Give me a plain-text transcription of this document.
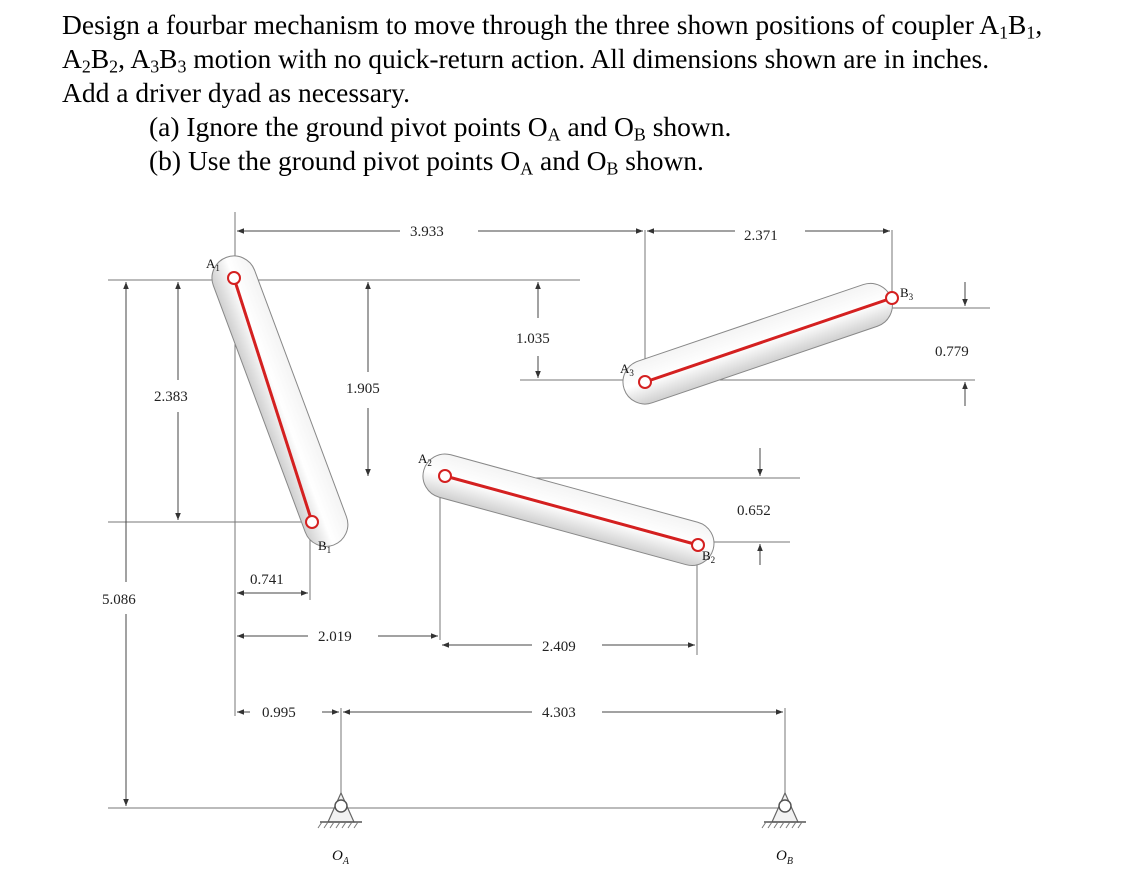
Design a fourbar mechanism to move through the three shown positions of coupler $A_1B_1$,

$A_2B_2$, $A_3B_3$ motion with no quick-return action. All dimensions shown are in inches.

Add a driver dyad as necessary.

(a) Ignore the ground pivot points $O_A$ and $O_B$ shown.

(b) Use the ground pivot points $O_A$ and $O_B$ shown.

$A_1$
$B_1$
$A_2$
$B_2$
$A_3$
$B_3$
$O_A$	$O_B$
3.933	2.371
1.035
0.779
1.905
2.383
0.652
0.741
5.086
2.019
2.409
0.995	4.303
